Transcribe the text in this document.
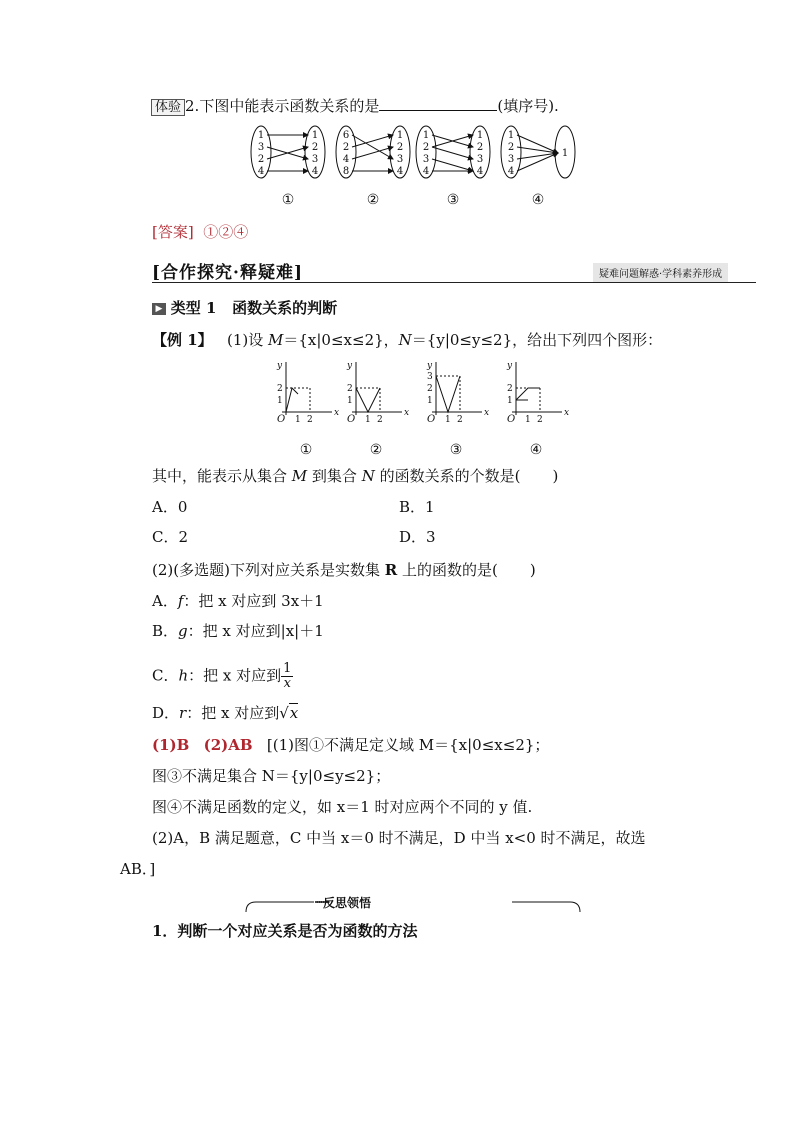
体验 2.下图中能表示函数关系的是	(填序号).
1
3
2
4
1
2
3
4
①
6
2
4
8
1
2
3
4
②
1
2
3
4
1
2
3
4
③
1
2
3
4
1
④
[答案] ①②④
[合作探究·释疑难]	疑难问题解惑·学科素养形成
▶ 类型 1 函数关系的判断
【例 1】 (1)设 M＝{x|0≤x≤2}，N＝{y|0≤y≤2}，给出下列四个图形：
O
x
y
1 2
2
1
①
O
x
y
1 2
2
1
②
O
x
y
1 2
3
2
1
③
O
x
y
1 2
2
1
④
其中，能表示从集合 M 到集合 N 的函数关系的个数是( )
A．0	B．1
C．2	D．3
(2)(多选题)下列对应关系是实数集 R 上的函数的是( )
A．f：把 x 对应到 3x＋1
B．g：把 x 对应到|x|＋1
C．h：把 x 对应到 $\frac{1}{x}$
D．r：把 x 对应到√x
(1)B (2)AB [(1)图①不满足定义域 M＝{x|0≤x≤2}；
图③不满足集合 N＝{y|0≤y≤2}；
图④不满足函数的定义，如 x＝1 时对应两个不同的 y 值.
(2)A，B 满足题意，C 中当 x＝0 时不满足，D 中当 x<0 时不满足，故选
AB．]
反思领悟
1．判断一个对应关系是否为函数的方法
